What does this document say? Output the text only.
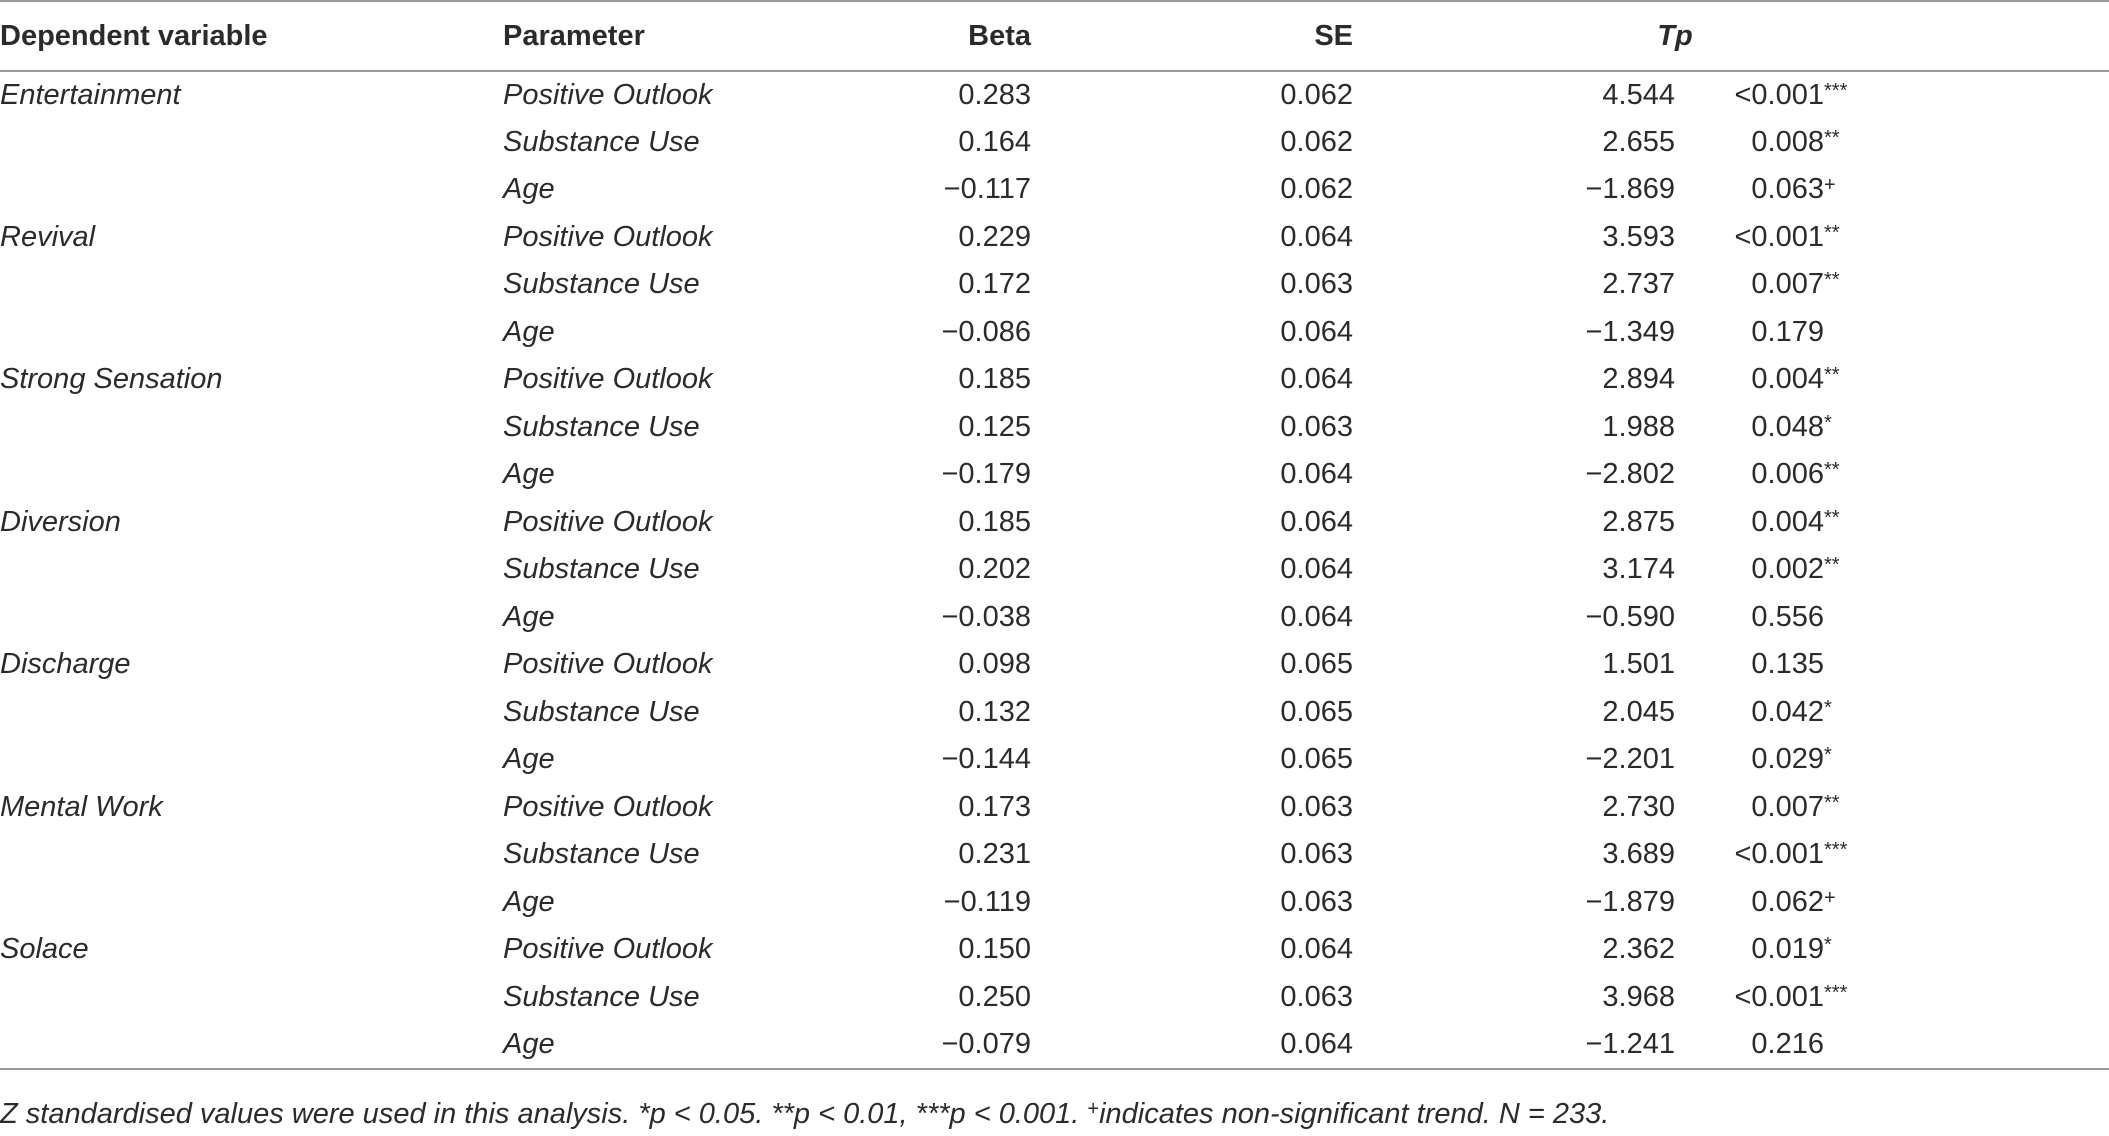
Dependent variable	Parameter	Beta	SE	T	p
Entertainment	Positive Outlook	0.283	0.062	4.544	<0.001***
	Substance Use	0.164	0.062	2.655	0.008**
	Age	−0.117	0.062	−1.869	0.063+
Revival	Positive Outlook	0.229	0.064	3.593	<0.001**
	Substance Use	0.172	0.063	2.737	0.007**
	Age	−0.086	0.064	−1.349	0.179
Strong Sensation	Positive Outlook	0.185	0.064	2.894	0.004**
	Substance Use	0.125	0.063	1.988	0.048*
	Age	−0.179	0.064	−2.802	0.006**
Diversion	Positive Outlook	0.185	0.064	2.875	0.004**
	Substance Use	0.202	0.064	3.174	0.002**
	Age	−0.038	0.064	−0.590	0.556
Discharge	Positive Outlook	0.098	0.065	1.501	0.135
	Substance Use	0.132	0.065	2.045	0.042*
	Age	−0.144	0.065	−2.201	0.029*
Mental Work	Positive Outlook	0.173	0.063	2.730	0.007**
	Substance Use	0.231	0.063	3.689	<0.001***
	Age	−0.119	0.063	−1.879	0.062+
Solace	Positive Outlook	0.150	0.064	2.362	0.019*
	Substance Use	0.250	0.063	3.968	<0.001***
	Age	−0.079	0.064	−1.241	0.216
Z standardised values were used in this analysis. *p < 0.05. **p < 0.01, ***p < 0.001. +indicates non-significant trend. N = 233.
